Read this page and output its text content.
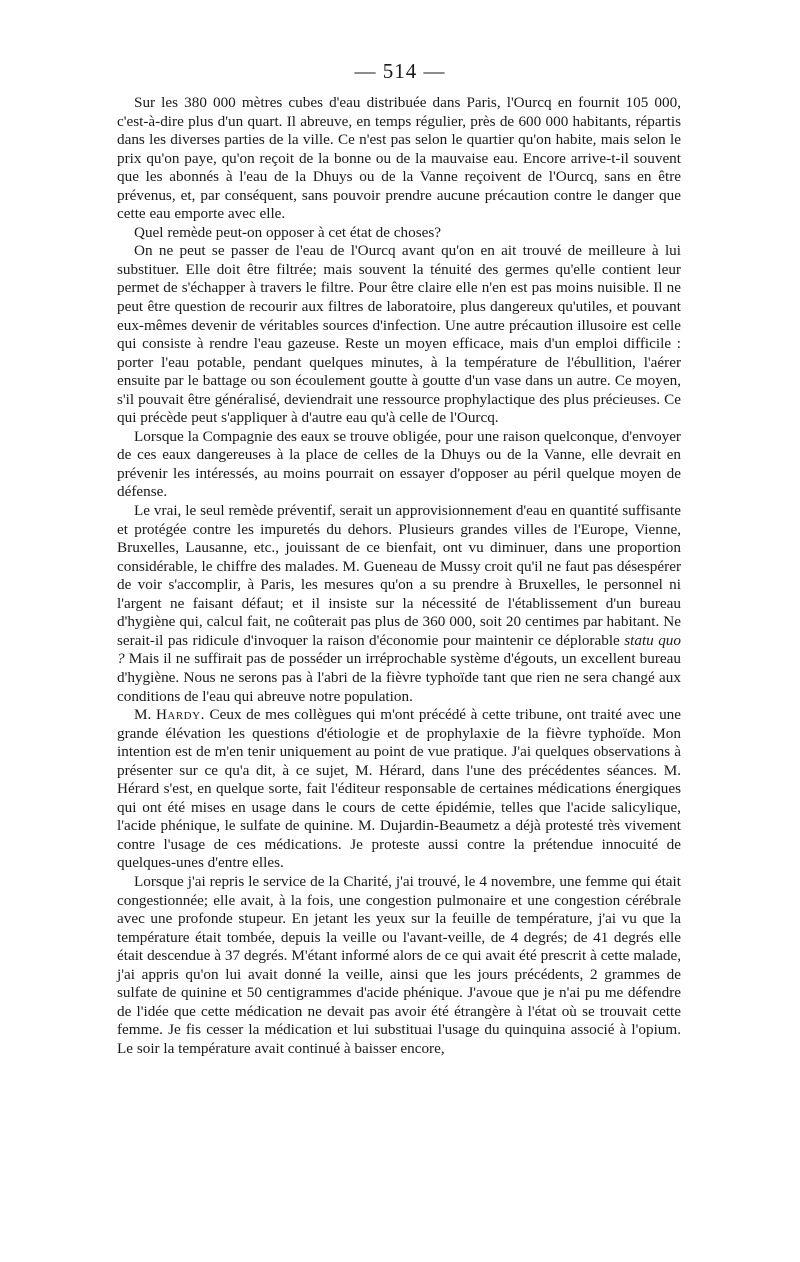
— 514 —

Sur les 380 000 mètres cubes d'eau distribuée dans Paris, l'Ourcq en fournit 105 000, c'est-à-dire plus d'un quart. Il abreuve, en temps régulier, près de 600 000 habitants, répartis dans les diverses parties de la ville. Ce n'est pas selon le quartier qu'on habite, mais selon le prix qu'on paye, qu'on reçoit de la bonne ou de la mauvaise eau. Encore arrive-t-il souvent que les abonnés à l'eau de la Dhuys ou de la Vanne reçoivent de l'Ourcq, sans en être prévenus, et, par conséquent, sans pouvoir prendre aucune précaution contre le danger que cette eau emporte avec elle.

Quel remède peut-on opposer à cet état de choses?

On ne peut se passer de l'eau de l'Ourcq avant qu'on en ait trouvé de meilleure à lui substituer. Elle doit être filtrée; mais souvent la ténuité des germes qu'elle contient leur permet de s'échapper à travers le filtre. Pour être claire elle n'en est pas moins nuisible. Il ne peut être question de recourir aux filtres de laboratoire, plus dangereux qu'utiles, et pouvant eux-mêmes devenir de véritables sources d'infection. Une autre précaution illusoire est celle qui consiste à rendre l'eau gazeuse. Reste un moyen efficace, mais d'un emploi difficile : porter l'eau potable, pendant quelques minutes, à la température de l'ébullition, l'aérer ensuite par le battage ou son écoulement goutte à goutte d'un vase dans un autre. Ce moyen, s'il pouvait être généralisé, deviendrait une ressource prophylactique des plus précieuses. Ce qui précède peut s'appliquer à d'autre eau qu'à celle de l'Ourcq.

Lorsque la Compagnie des eaux se trouve obligée, pour une raison quelconque, d'envoyer de ces eaux dangereuses à la place de celles de la Dhuys ou de la Vanne, elle devrait en prévenir les intéressés, au moins pourrait on essayer d'opposer au péril quelque moyen de défense.

Le vrai, le seul remède préventif, serait un approvisionnement d'eau en quantité suffisante et protégée contre les impuretés du dehors. Plusieurs grandes villes de l'Europe, Vienne, Bruxelles, Lausanne, etc., jouissant de ce bienfait, ont vu diminuer, dans une proportion considérable, le chiffre des malades. M. Gueneau de Mussy croit qu'il ne faut pas désespérer de voir s'accomplir, à Paris, les mesures qu'on a su prendre à Bruxelles, le personnel ni l'argent ne faisant défaut; et il insiste sur la nécessité de l'établissement d'un bureau d'hygiène qui, calcul fait, ne coûterait pas plus de 360 000, soit 20 centimes par habitant. Ne serait-il pas ridicule d'invoquer la raison d'économie pour maintenir ce déplorable statu quo ? Mais il ne suffirait pas de posséder un irréprochable système d'égouts, un excellent bureau d'hygiène. Nous ne serons pas à l'abri de la fièvre typhoïde tant que rien ne sera changé aux conditions de l'eau qui abreuve notre population.

M. Hardy. Ceux de mes collègues qui m'ont précédé à cette tribune, ont traité avec une grande élévation les questions d'étiologie et de prophylaxie de la fièvre typhoïde. Mon intention est de m'en tenir uniquement au point de vue pratique. J'ai quelques observations à présenter sur ce qu'a dit, à ce sujet, M. Hérard, dans l'une des précédentes séances. M. Hérard s'est, en quelque sorte, fait l'éditeur responsable de certaines médications énergiques qui ont été mises en usage dans le cours de cette épidémie, telles que l'acide salicylique, l'acide phénique, le sulfate de quinine. M. Dujardin-Beaumetz a déjà protesté très vivement contre l'usage de ces médications. Je proteste aussi contre la prétendue innocuité de quelques-unes d'entre elles.

Lorsque j'ai repris le service de la Charité, j'ai trouvé, le 4 novembre, une femme qui était congestionnée; elle avait, à la fois, une congestion pulmonaire et une congestion cérébrale avec une profonde stupeur. En jetant les yeux sur la feuille de température, j'ai vu que la température était tombée, depuis la veille ou l'avant-veille, de 4 degrés; de 41 degrés elle était descendue à 37 degrés. M'étant informé alors de ce qui avait été prescrit à cette malade, j'ai appris qu'on lui avait donné la veille, ainsi que les jours précédents, 2 grammes de sulfate de quinine et 50 centigrammes d'acide phénique. J'avoue que je n'ai pu me défendre de l'idée que cette médication ne devait pas avoir été étrangère à l'état où se trouvait cette femme. Je fis cesser la médication et lui substituai l'usage du quinquina associé à l'opium. Le soir la température avait continué à baisser encore,
